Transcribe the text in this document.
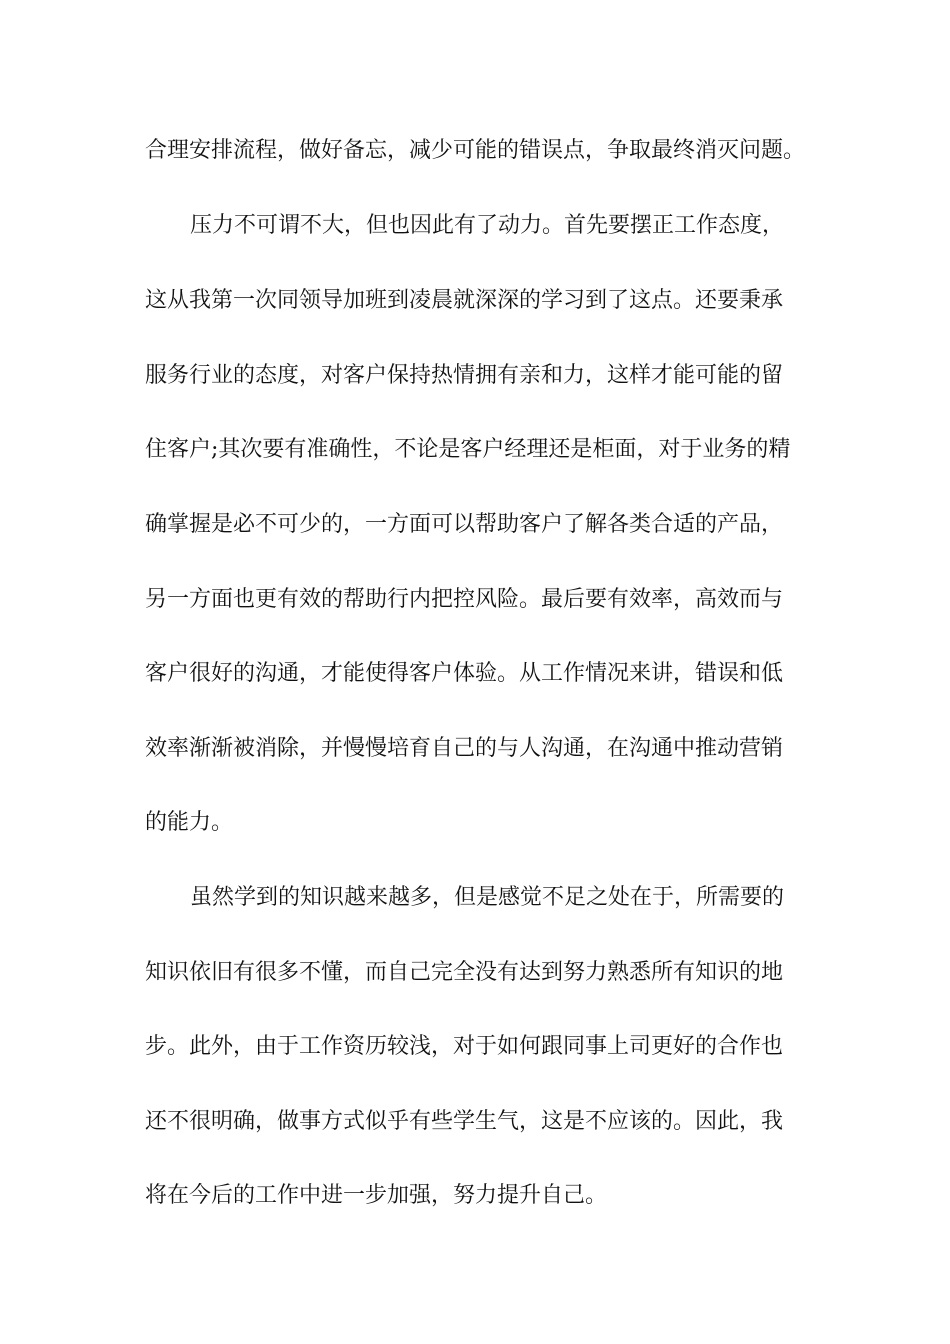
合理安排流程，做好备忘，减少可能的错误点，争取最终消灭问题。
压力不可谓不大，但也因此有了动力。首先要摆正工作态度，
这从我第一次同领导加班到凌晨就深深的学习到了这点。还要秉承
服务行业的态度，对客户保持热情拥有亲和力，这样才能可能的留
住客户;其次要有准确性，不论是客户经理还是柜面，对于业务的精
确掌握是必不可少的，一方面可以帮助客户了解各类合适的产品，
另一方面也更有效的帮助行内把控风险。最后要有效率，高效而与
客户很好的沟通，才能使得客户体验。从工作情况来讲，错误和低
效率渐渐被消除，并慢慢培育自己的与人沟通，在沟通中推动营销
的能力。
虽然学到的知识越来越多，但是感觉不足之处在于，所需要的
知识依旧有很多不懂，而自己完全没有达到努力熟悉所有知识的地
步。此外，由于工作资历较浅，对于如何跟同事上司更好的合作也
还不很明确，做事方式似乎有些学生气，这是不应该的。因此，我
将在今后的工作中进一步加强，努力提升自己。
